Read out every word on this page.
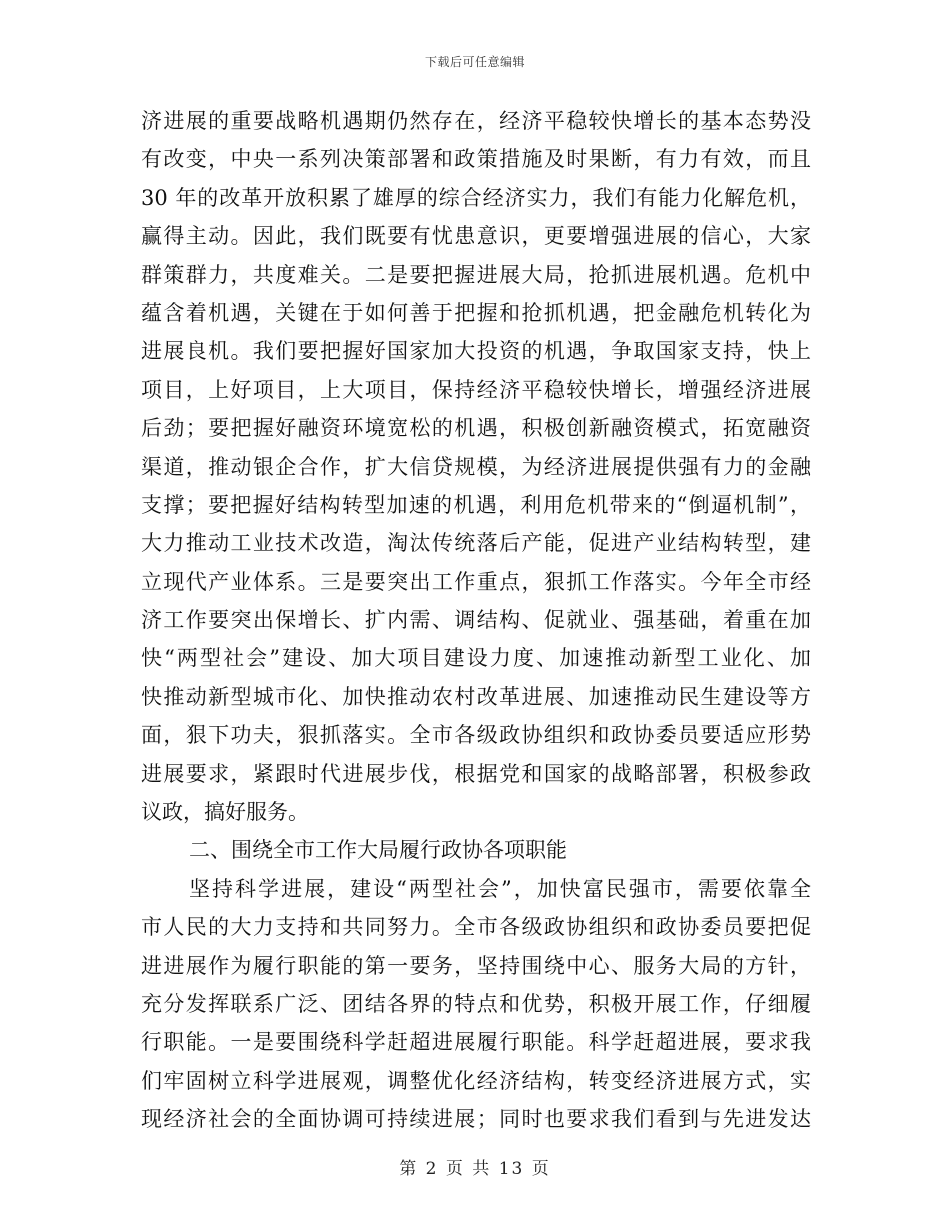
下载后可任意编辑
济进展的重要战略机遇期仍然存在，经济平稳较快增长的基本态势没
有改变，中央一系列决策部署和政策措施及时果断，有力有效，而且
30 年的改革开放积累了雄厚的综合经济实力，我们有能力化解危机，
赢得主动。因此，我们既要有忧患意识，更要增强进展的信心，大家
群策群力，共度难关。二是要把握进展大局，抢抓进展机遇。危机中
蕴含着机遇，关键在于如何善于把握和抢抓机遇，把金融危机转化为
进展良机。我们要把握好国家加大投资的机遇，争取国家支持，快上
项目，上好项目，上大项目，保持经济平稳较快增长，增强经济进展
后劲；要把握好融资环境宽松的机遇，积极创新融资模式，拓宽融资
渠道，推动银企合作，扩大信贷规模，为经济进展提供强有力的金融
支撑；要把握好结构转型加速的机遇，利用危机带来的“倒逼机制”，
大力推动工业技术改造，淘汰传统落后产能，促进产业结构转型，建
立现代产业体系。三是要突出工作重点，狠抓工作落实。今年全市经
济工作要突出保增长、扩内需、调结构、促就业、强基础，着重在加
快“两型社会”建设、加大项目建设力度、加速推动新型工业化、加
快推动新型城市化、加快推动农村改革进展、加速推动民生建设等方
面，狠下功夫，狠抓落实。全市各级政协组织和政协委员要适应形势
进展要求，紧跟时代进展步伐，根据党和国家的战略部署，积极参政
议政，搞好服务。
二、围绕全市工作大局履行政协各项职能
坚持科学进展，建设“两型社会”，加快富民强市，需要依靠全
市人民的大力支持和共同努力。全市各级政协组织和政协委员要把促
进进展作为履行职能的第一要务，坚持围绕中心、服务大局的方针，
充分发挥联系广泛、团结各界的特点和优势，积极开展工作，仔细履
行职能。一是要围绕科学赶超进展履行职能。科学赶超进展，要求我
们牢固树立科学进展观，调整优化经济结构，转变经济进展方式，实
现经济社会的全面协调可持续进展；同时也要求我们看到与先进发达
第 2 页 共 13 页
